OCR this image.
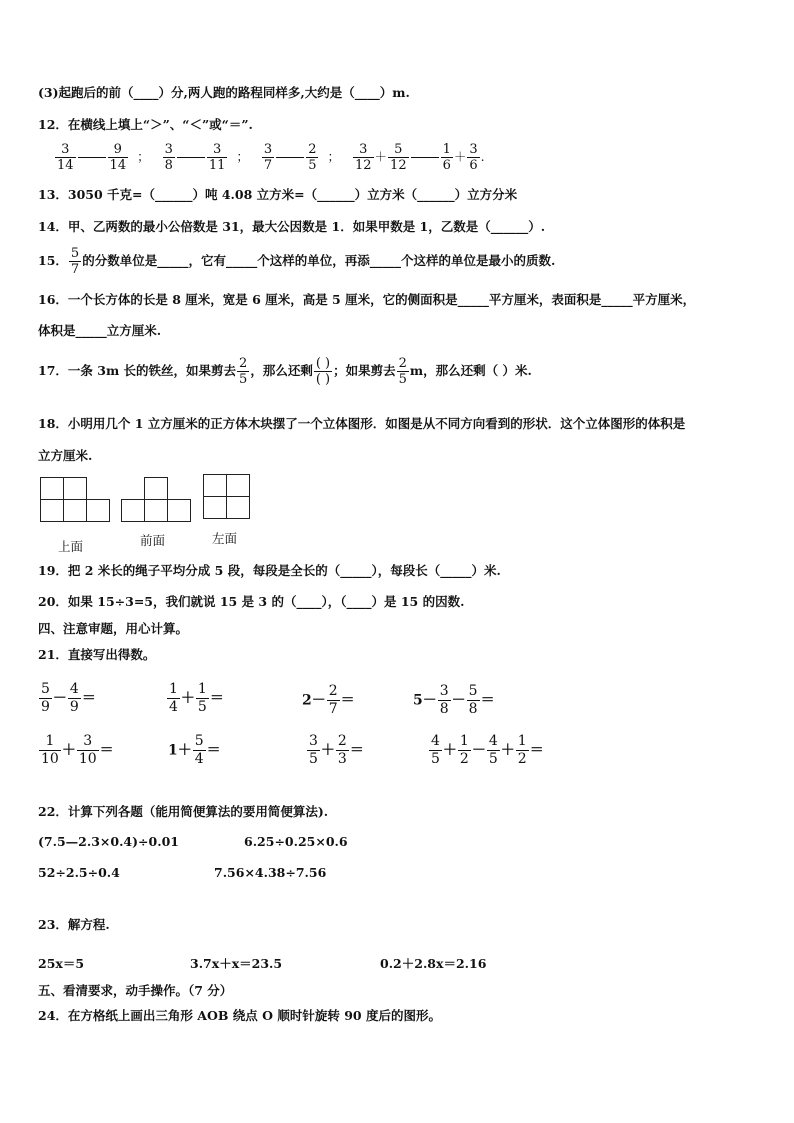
(3)起跑后的前（____）分,两人跑的路程同样多,大约是（____）m.
12．在横线上填上“＞”、“＜”或“＝”.
$\frac{3}{14} \frac{9}{14}$ ； $\frac{3}{8} \frac{3}{11}$ ； $\frac{3}{7} \frac{2}{5}$ ； $\frac{3}{12} + \frac{5}{12} \frac{1}{6} + \frac{3}{6}$ .
13．3050 千克=（______）吨 4.08 立方米=（______）立方米（______）立方分米
14．甲、乙两数的最小公倍数是 31，最大公因数是 1．如果甲数是 1，乙数是（______）.
15． $\frac{5}{7}$ 的分数单位是_____，它有_____个这样的单位，再添_____个这样的单位是最小的质数.
16．一个长方体的长是 8 厘米，宽是 6 厘米，高是 5 厘米，它的侧面积是_____平方厘米，表面积是_____平方厘米，
体积是_____立方厘米.
17．一条 3m 长的铁丝，如果剪去 $\frac{2}{5}$ ，那么还剩 $\frac{( )}{( )}$ ；如果剪去 $\frac{2}{5}$ m，那么还剩（ ）米.
18．小明用几个 1 立方厘米的正方体木块摆了一个立体图形．如图是从不同方向看到的形状．这个立体图形的体积是
立方厘米.
上面	前面	左面
19．把 2 米长的绳子平均分成 5 段，每段是全长的（_____），每段长（_____）米.
20．如果 15÷3=5，我们就说 15 是 3 的（____），（____）是 15 的因数.
四、注意审题，用心计算。
21．直接写出得数。
$\frac{5}{9} - \frac{4}{9}$ ＝	$\frac{1}{4} + \frac{1}{5}$ ＝	$2- \frac{2}{7}$ ＝	$5- \frac{3}{8} - \frac{5}{8}$ ＝
$\frac{1}{10} + \frac{3}{10}$ ＝	$1+ \frac{5}{4}$ ＝	$\frac{3}{5} + \frac{2}{3}$ ＝	$\frac{4}{5} + \frac{1}{2} - \frac{4}{5} + \frac{1}{2}$ ＝
22．计算下列各题（能用简便算法的要用简便算法).
(7.5—2.3×0.4)÷0.01	6.25÷0.25×0.6
52÷2.5÷0.4	7.56×4.38÷7.56
23．解方程.
25x＝5	3.7x＋x＝23.5	0.2＋2.8x＝2.16
五、看清要求，动手操作。（7 分）
24．在方格纸上画出三角形 AOB 绕点 O 顺时针旋转 90 度后的图形。
